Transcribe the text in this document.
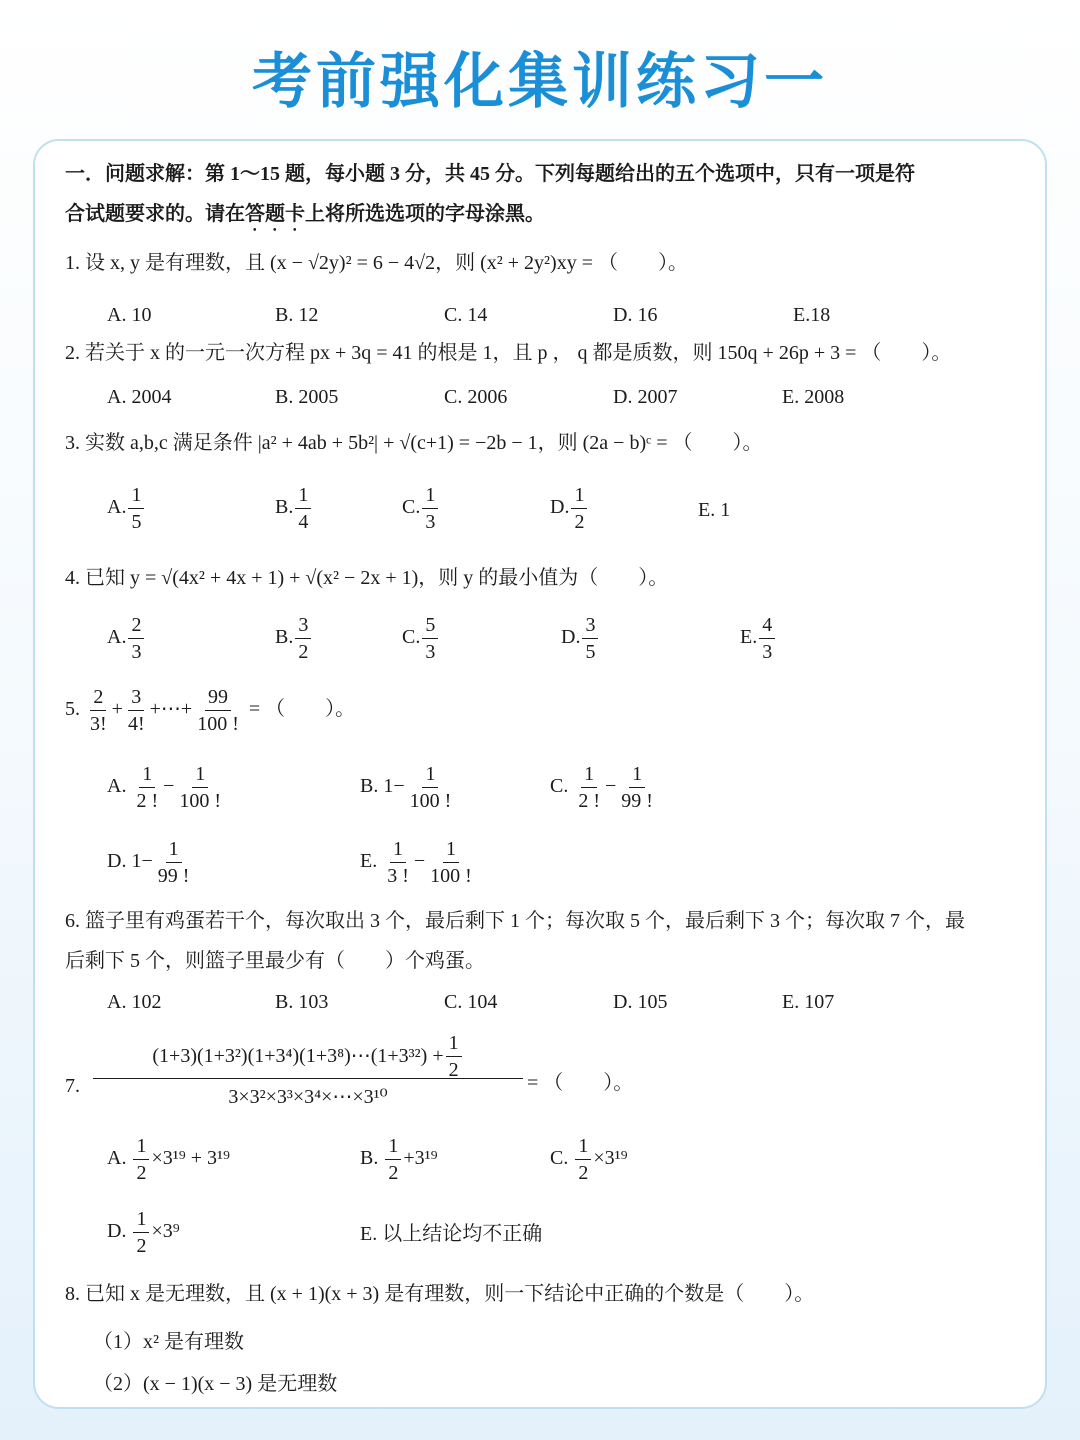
考前强化集训练习一
一．问题求解：第 1～15 题，每小题 3 分，共 45 分。下列每题给出的五个选项中，只有一项是符
合试题要求的。请在答题卡上将所选选项的字母涂黑。
1. 设 x, y 是有理数，且 (x − √2y)² = 6 − 4√2，则 (x² + 2y²)xy = （　　）。
A. 10	B. 12	C. 14	D. 16	E.18
2. 若关于 x 的一元一次方程 px + 3q = 41 的根是 1，且 p ， q 都是质数，则 150q + 26p + 3 = （　　）。
A. 2004	B. 2005	C. 2006	D. 2007	E. 2008
3. 实数 a,b,c 满足条件 |a² + 4ab + 5b²| + √(c+1) = −2b − 1，则 (2a − b)ᶜ = （　　）。
A. $\frac{1}{5}$	B. $\frac{1}{4}$	C. $\frac{1}{3}$	D. $\frac{1}{2}$	E. 1
4. 已知 y = √(4x² + 4x + 1) + √(x² − 2x + 1)，则 y 的最小值为（　　）。
A. $\frac{2}{3}$	B. $\frac{3}{2}$	C. $\frac{5}{3}$	D. $\frac{3}{5}$	E. $\frac{4}{3}$
5. $\frac{2}{3!} + \frac{3}{4!}$ +⋯+ $\frac{99}{100 !}$ = （　　）。
A. $\frac{1}{2 !} - \frac{1}{100 !}$	B. $1- \frac{1}{100 !}$	C. $\frac{1}{2 !} - \frac{1}{99 !}$
D. $1- \frac{1}{99 !}$	E. $\frac{1}{3 !} - \frac{1}{100 !}$
6. 篮子里有鸡蛋若干个，每次取出 3 个，最后剩下 1 个；每次取 5 个，最后剩下 3 个；每次取 7 个，最
后剩下 5 个，则篮子里最少有（　　）个鸡蛋。
A. 102	B. 103	C. 104	D. 105	E. 107
7. $\frac{(1+3)(1+3^2)(1+3^4)(1+3^8)\cdots(1+3^{32}) + \frac{1}{2}}{\text{3×3²×3³×3⁴×⋯×3¹⁰}}$ = （　　）。
A. $\frac{1}{2} \times 3^{19} + 3^{19}$	B. $\frac{1}{2} +3^{19}$	C. $\frac{1}{2} \times 3^{19}$
D. $\frac{1}{2} \times 3^9$	E. 以上结论均不正确
8. 已知 x 是无理数，且 (x + 1)(x + 3) 是有理数，则一下结论中正确的个数是（　　）。
（1）x² 是有理数
（2）(x − 1)(x − 3) 是无理数
